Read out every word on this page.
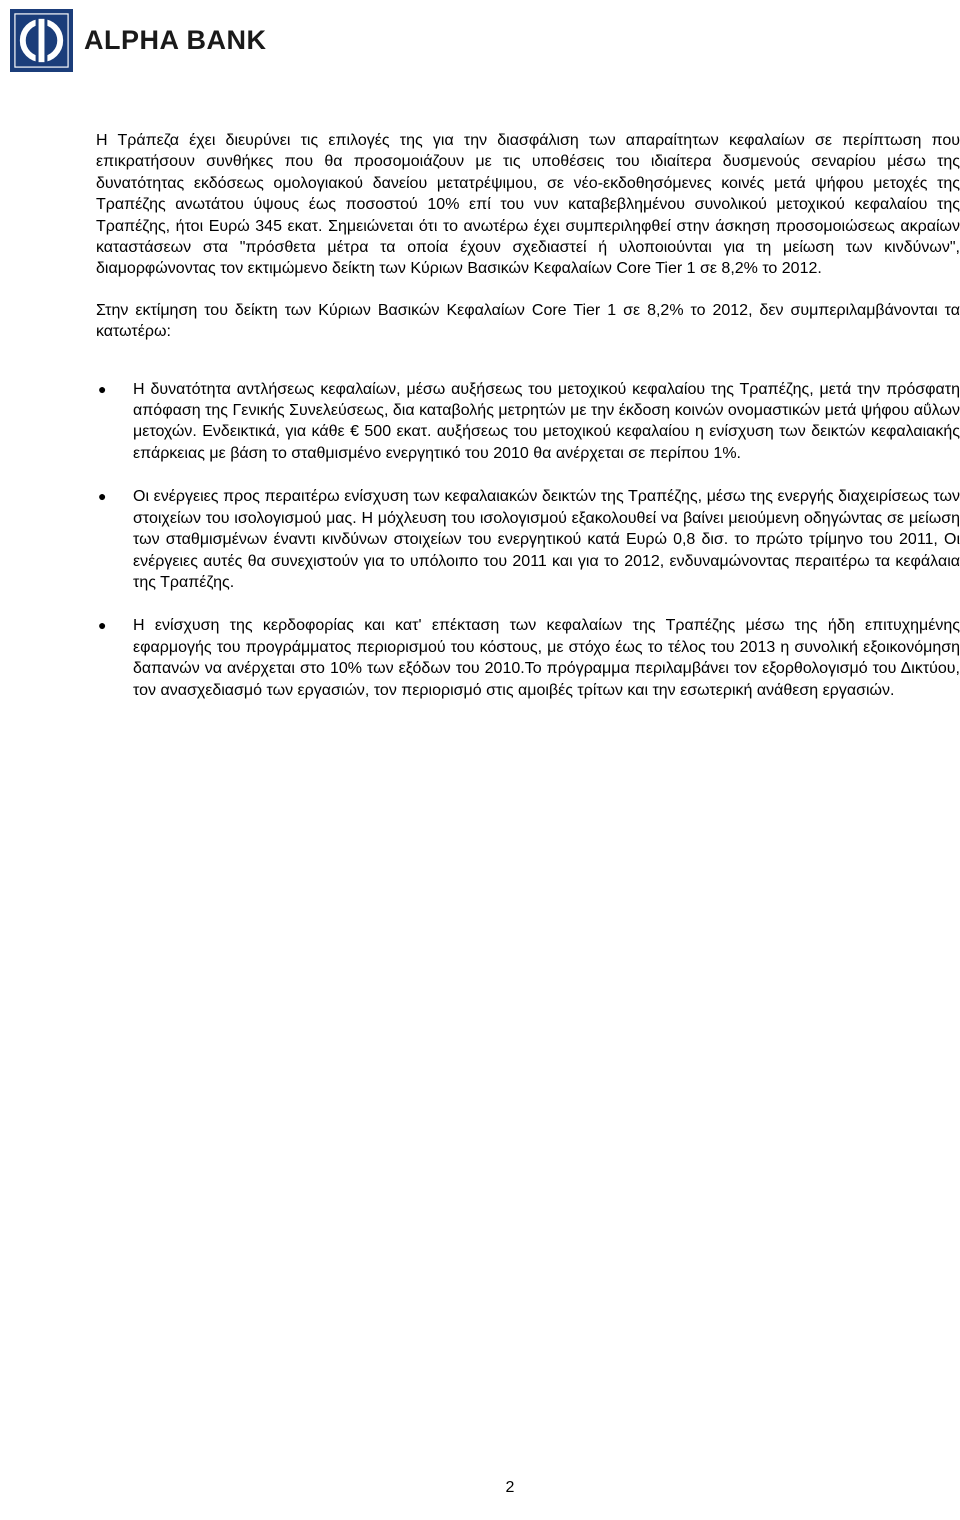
ALPHA BANK

Η Τράπεζα έχει διευρύνει τις επιλογές της για την διασφάλιση των απαραίτητων κεφαλαίων σε περίπτωση που επικρατήσουν συνθήκες που θα προσομοιάζουν με τις υποθέσεις του ιδιαίτερα δυσμενούς σεναρίου μέσω της δυνατότητας εκδόσεως ομολογιακού δανείου μετατρέψιμου, σε νέο-εκδοθησόμενες κοινές μετά ψήφου μετοχές της Τραπέζης ανωτάτου ύψους έως ποσοστού 10% επί του νυν καταβεβλημένου συνολικού μετοχικού κεφαλαίου της Τραπέζης, ήτοι Ευρώ 345 εκατ. Σημειώνεται ότι το ανωτέρω έχει συμπεριληφθεί στην άσκηση προσομοιώσεως ακραίων καταστάσεων στα "πρόσθετα μέτρα τα οποία έχουν σχεδιαστεί ή υλοποιούνται για τη μείωση των κινδύνων", διαμορφώνοντας τον εκτιμώμενο δείκτη των Κύριων Βασικών Κεφαλαίων Core Tier 1 σε 8,2% το 2012.

Στην εκτίμηση του δείκτη των Κύριων Βασικών Κεφαλαίων Core Tier 1 σε 8,2% το 2012, δεν συμπεριλαμβάνονται τα κατωτέρω:

● Η δυνατότητα αντλήσεως κεφαλαίων, μέσω αυξήσεως του μετοχικού κεφαλαίου της Τραπέζης, μετά την πρόσφατη απόφαση της Γενικής Συνελεύσεως, δια καταβολής μετρητών με την έκδοση κοινών ονομαστικών μετά ψήφου αΰλων μετοχών. Ενδεικτικά, για κάθε € 500 εκατ. αυξήσεως του μετοχικού κεφαλαίου η ενίσχυση των δεικτών κεφαλαιακής επάρκειας με βάση το σταθμισμένο ενεργητικό του 2010 θα ανέρχεται σε περίπου 1%.
● Οι ενέργειες προς περαιτέρω ενίσχυση των κεφαλαιακών δεικτών της Τραπέζης, μέσω της ενεργής διαχειρίσεως των στοιχείων του ισολογισμού μας. Η μόχλευση του ισολογισμού εξακολουθεί να βαίνει μειούμενη οδηγώντας σε μείωση των σταθμισμένων έναντι κινδύνων στοιχείων του ενεργητικού κατά Ευρώ 0,8 δισ. το πρώτο τρίμηνο του 2011, Οι ενέργειες αυτές θα συνεχιστούν για το υπόλοιπο του 2011 και για το 2012, ενδυναμώνοντας περαιτέρω τα κεφάλαια της Τραπέζης.
● Η ενίσχυση της κερδοφορίας και κατ' επέκταση των κεφαλαίων της Τραπέζης μέσω της ήδη επιτυχημένης εφαρμογής του προγράμματος περιορισμού του κόστους, με στόχο έως το τέλος του 2013 η συνολική εξοικονόμηση δαπανών να ανέρχεται στο 10% των εξόδων του 2010.Το πρόγραμμα περιλαμβάνει τον εξορθολογισμό του Δικτύου, τον ανασχεδιασμό των εργασιών, τον περιορισμό στις αμοιβές τρίτων και την εσωτερική ανάθεση εργασιών.
2
